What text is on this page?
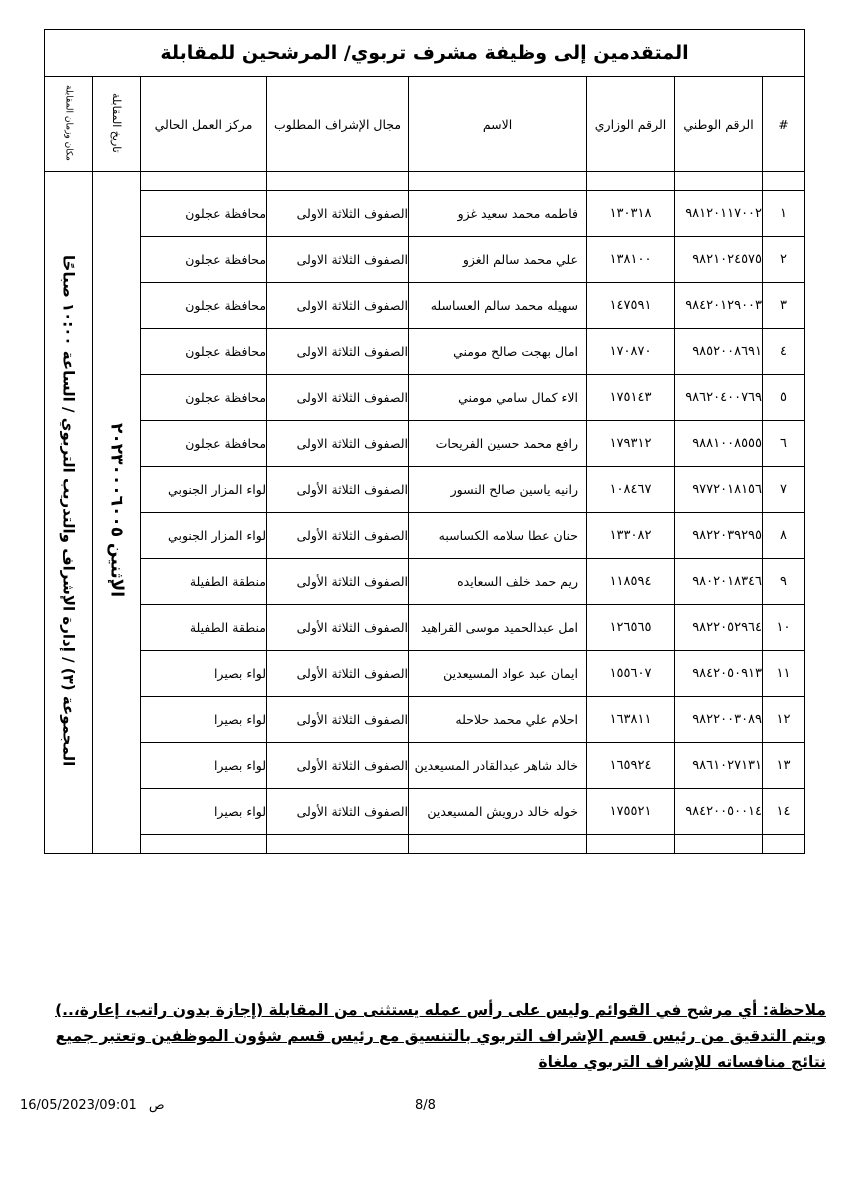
المتقدمين إلى وظيفة مشرف تربوي/ المرشحين للمقابلة							
#	الرقم الوطني	الرقم الوزاري	الاسم	مجال الإشراف المطلوب	مركز العمل الحالي	تاريخ المقابلة	مكان وزمان المقابلة
						الإثنين ٢٠٢٣٠٠٠٦٠٠٥	المجموعة (٣) / إدارة الإشراف والتدريب التربوي / الساعة ١٠:٠٠ صباحًا
١	٩٨١٢٠١١٧٠٠٢	١٣٠٣١٨	فاطمه محمد سعيد غزو	الصفوف الثلاثة الاولى	محافظة عجلون		
٢	٩٨٢١٠٢٤٥٧٥	١٣٨١٠٠	علي محمد سالم الغزو	الصفوف الثلاثة الاولى	محافظة عجلون		
٣	٩٨٤٢٠١٢٩٠٠٣	١٤٧٥٩١	سهيله محمد سالم العساسله	الصفوف الثلاثة الاولى	محافظة عجلون		
٤	٩٨٥٢٠٠٨٦٩١	١٧٠٨٧٠	امال بهجت صالح مومني	الصفوف الثلاثة الاولى	محافظة عجلون		
٥	٩٨٦٢٠٤٠٠٧٦٩	١٧٥١٤٣	الاء كمال سامي مومني	الصفوف الثلاثة الاولى	محافظة عجلون		
٦	٩٨٨١٠٠٨٥٥٥	١٧٩٣١٢	رافع محمد حسين الفريحات	الصفوف الثلاثة الاولى	محافظة عجلون		
٧	٩٧٧٢٠١٨١٥٦	١٠٨٤٦٧	رانيه ياسين صالح النسور	الصفوف الثلاثة الأولى	لواء المزار الجنوبي		
٨	٩٨٢٢٠٣٩٢٩٥	١٣٣٠٨٢	حنان عطا سلامه الكساسبه	الصفوف الثلاثة الأولى	لواء المزار الجنوبي		
٩	٩٨٠٢٠١٨٣٤٦	١١٨٥٩٤	ريم حمد خلف السعايده	الصفوف الثلاثة الأولى	منطقة الطفيلة		
١٠	٩٨٢٢٠٥٢٩٦٤	١٢٦٥٦٥	امل عبدالحميد موسى القراهيد	الصفوف الثلاثة الأولى	منطقة الطفيلة		
١١	٩٨٤٢٠٥٠٩١٣	١٥٥٦٠٧	ايمان عبد عواد المسيعدين	الصفوف الثلاثة الأولى	لواء بصيرا		
١٢	٩٨٢٢٠٠٣٠٨٩	١٦٣٨١١	احلام علي محمد حلاحله	الصفوف الثلاثة الأولى	لواء بصيرا		
١٣	٩٨٦١٠٢٧١٣١	١٦٥٩٢٤	خالد شاهر عبدالقادر المسيعدين	الصفوف الثلاثة الأولى	لواء بصيرا		
١٤	٩٨٤٢٠٠٥٠٠١٤	١٧٥٥٢١	خوله خالد درويش المسيعدين	الصفوف الثلاثة الأولى	لواء بصيرا		

ملاحظة: أي مرشح في القوائم وليس على رأس عمله يستثنى من المقابلة (إجازة بدون راتب، إعارة،..) ويتم التدقيق من رئيس قسم الإشراف التربوي بالتنسيق مع رئيس قسم شؤون الموظفين وتعتبر جميع نتائج منافساته للإشراف التربوي ملغاة
8/8
16/05/2023/09:01 ص
